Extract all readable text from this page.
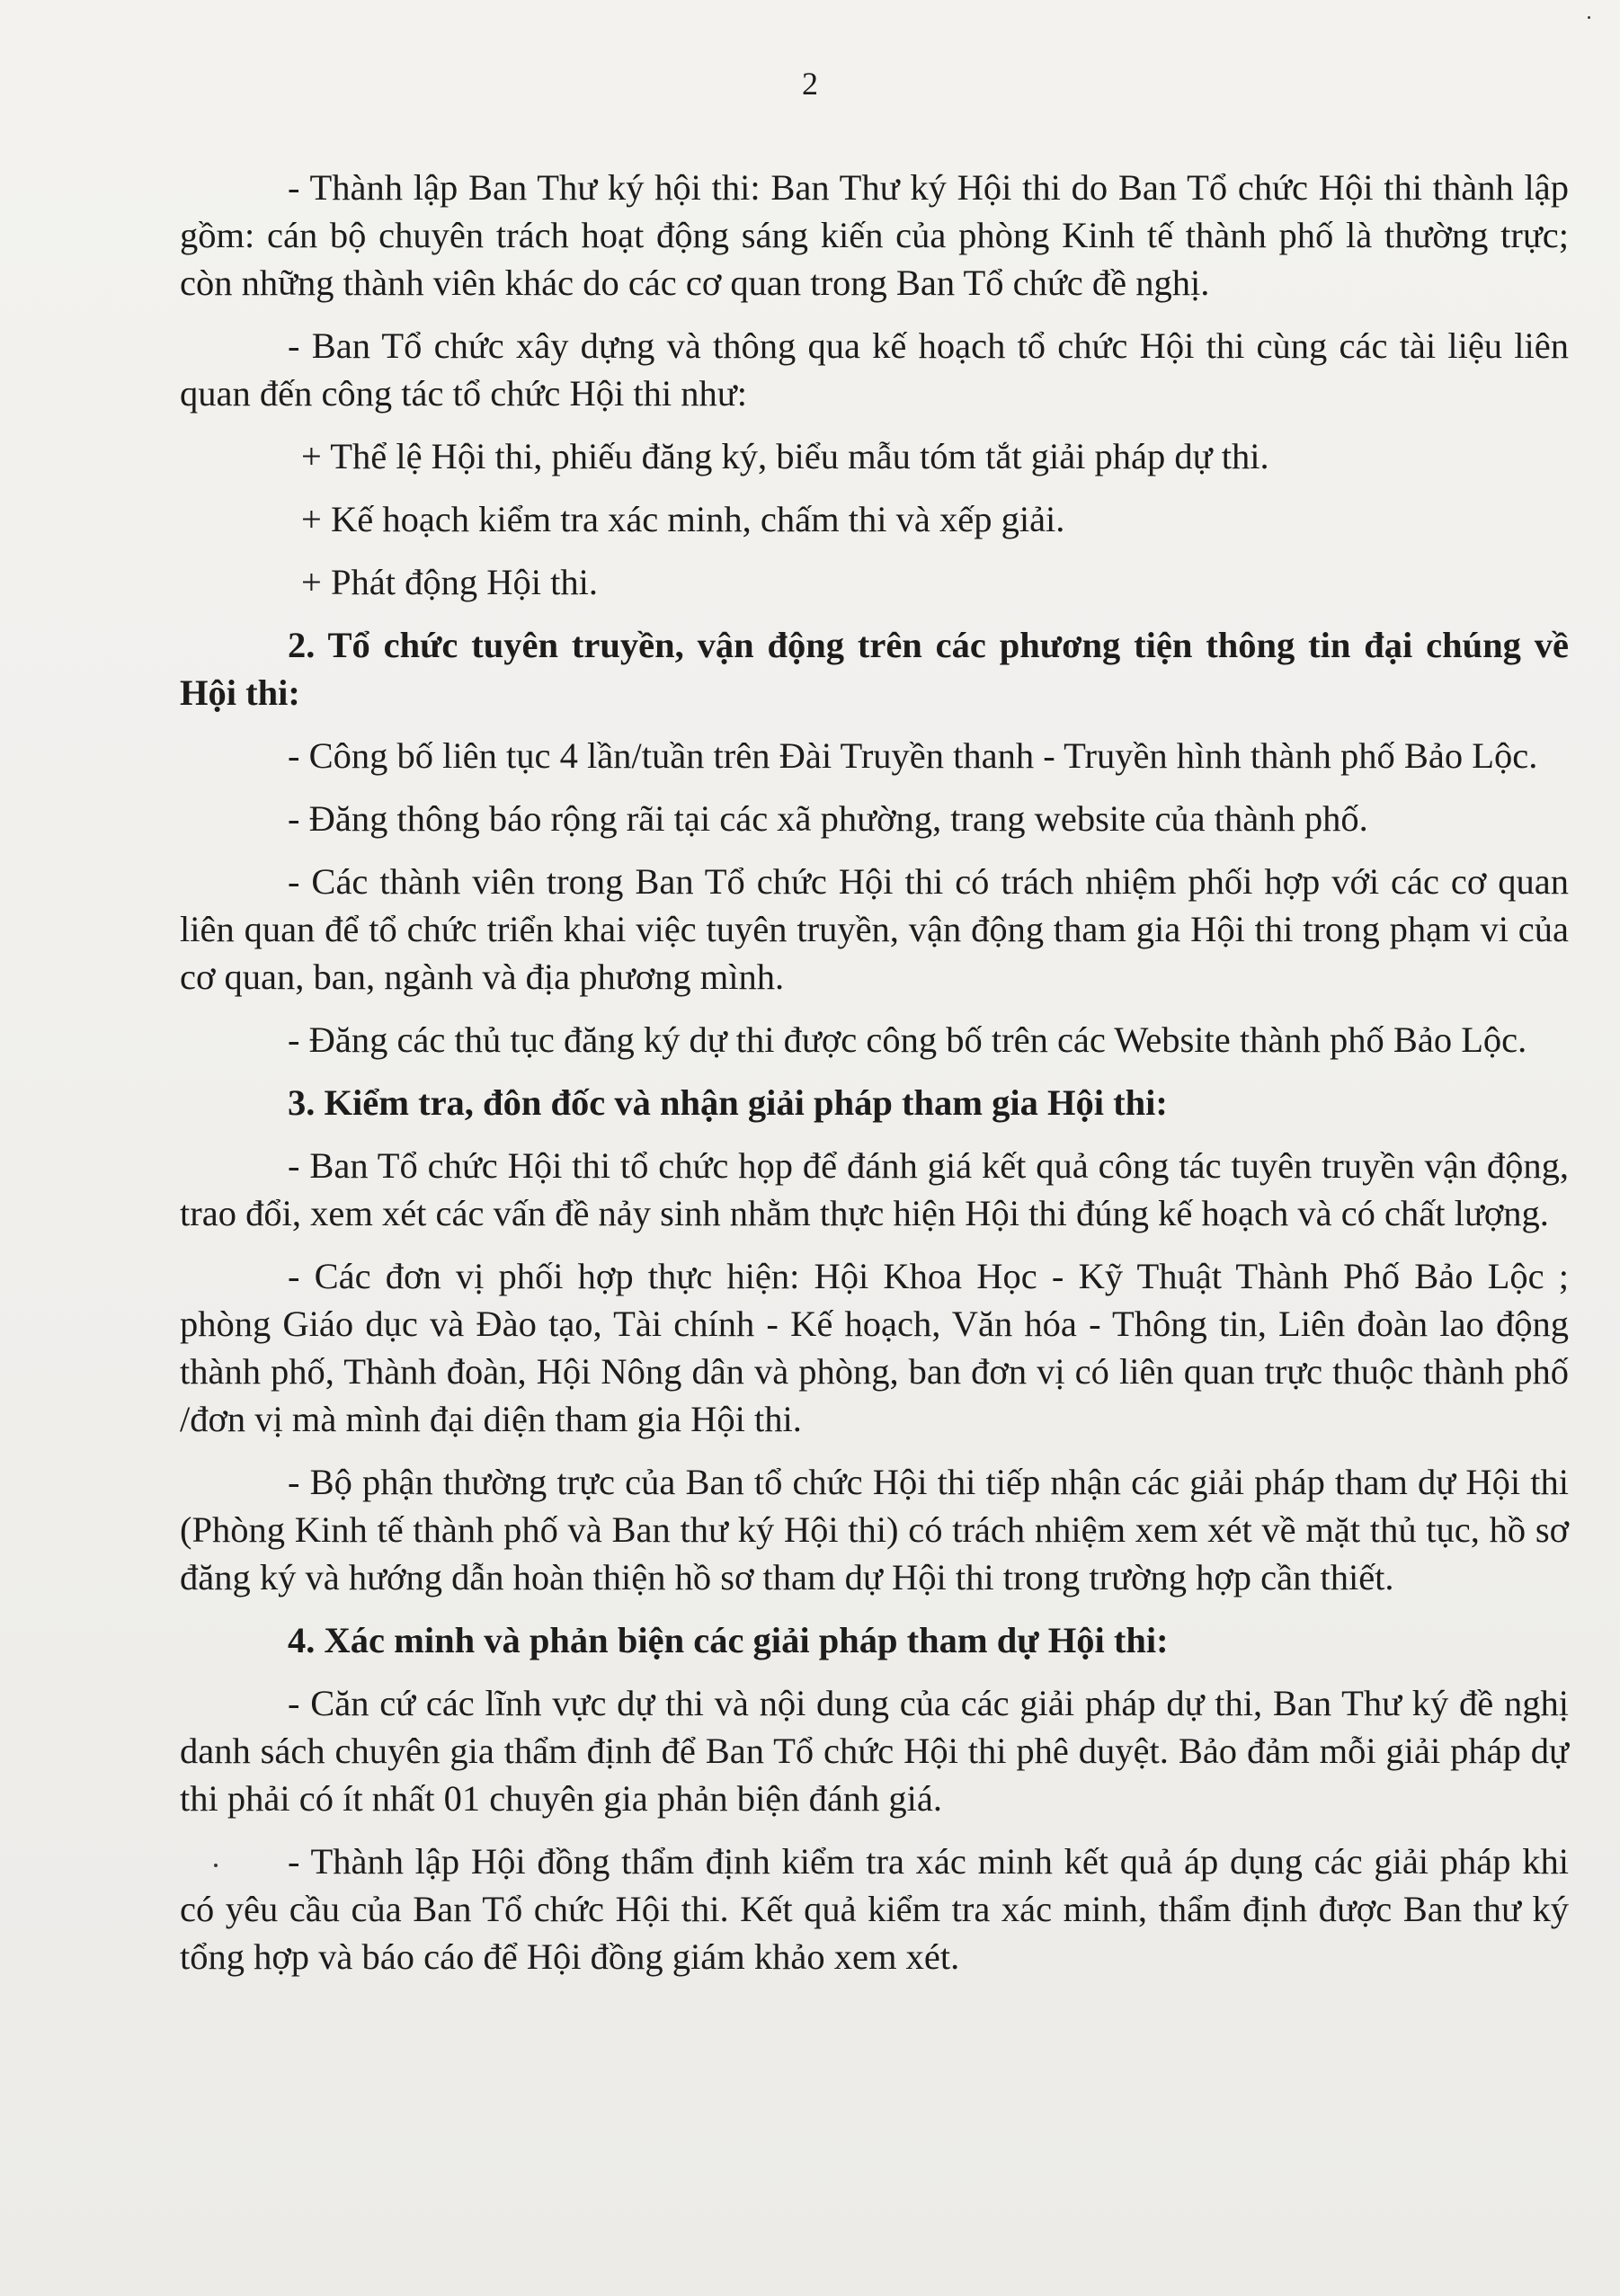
2

- Thành lập Ban Thư ký hội thi: Ban Thư ký Hội thi do Ban Tổ chức Hội thi thành lập gồm: cán bộ chuyên trách hoạt động sáng kiến của phòng Kinh tế thành phố là thường trực; còn những thành viên khác do các cơ quan trong Ban Tổ chức đề nghị.

- Ban Tổ chức xây dựng và thông qua kế hoạch tổ chức Hội thi cùng các tài liệu liên quan đến công tác tổ chức Hội thi như:

+ Thể lệ Hội thi, phiếu đăng ký, biểu mẫu tóm tắt giải pháp dự thi.

+ Kế hoạch kiểm tra xác minh, chấm thi và xếp giải.

+ Phát động Hội thi.

2. Tổ chức tuyên truyền, vận động trên các phương tiện thông tin đại chúng về Hội thi:

- Công bố liên tục 4 lần/tuần trên Đài Truyền thanh - Truyền hình thành phố Bảo Lộc.

- Đăng thông báo rộng rãi tại các xã phường, trang website của thành phố.

- Các thành viên trong Ban Tổ chức Hội thi có trách nhiệm phối hợp với các cơ quan liên quan để tổ chức triển khai việc tuyên truyền, vận động tham gia Hội thi trong phạm vi của cơ quan, ban, ngành và địa phương mình.

- Đăng các thủ tục đăng ký dự thi được công bố trên các Website thành phố Bảo Lộc.

3. Kiểm tra, đôn đốc và nhận giải pháp tham gia Hội thi:

- Ban Tổ chức Hội thi tổ chức họp để đánh giá kết quả công tác tuyên truyền vận động, trao đổi, xem xét các vấn đề nảy sinh nhằm thực hiện Hội thi đúng kế hoạch và có chất lượng.

- Các đơn vị phối hợp thực hiện: Hội Khoa Học - Kỹ Thuật Thành Phố Bảo Lộc ; phòng Giáo dục và Đào tạo, Tài chính - Kế hoạch, Văn hóa - Thông tin, Liên đoàn lao động thành phố, Thành đoàn, Hội Nông dân và phòng, ban đơn vị có liên quan trực thuộc thành phố /đơn vị mà mình đại diện tham gia Hội thi.

- Bộ phận thường trực của Ban tổ chức Hội thi tiếp nhận các giải pháp tham dự Hội thi (Phòng Kinh tế thành phố và Ban thư ký Hội thi) có trách nhiệm xem xét về mặt thủ tục, hồ sơ đăng ký và hướng dẫn hoàn thiện hồ sơ tham dự Hội thi trong trường hợp cần thiết.

4. Xác minh và phản biện các giải pháp tham dự Hội thi:

- Căn cứ các lĩnh vực dự thi và nội dung của các giải pháp dự thi, Ban Thư ký đề nghị danh sách chuyên gia thẩm định để Ban Tổ chức Hội thi phê duyệt. Bảo đảm mỗi giải pháp dự thi phải có ít nhất 01 chuyên gia phản biện đánh giá.

- Thành lập Hội đồng thẩm định kiểm tra xác minh kết quả áp dụng các giải pháp khi có yêu cầu của Ban Tổ chức Hội thi. Kết quả kiểm tra xác minh, thẩm định được Ban thư ký tổng hợp và báo cáo để Hội đồng giám khảo xem xét.
